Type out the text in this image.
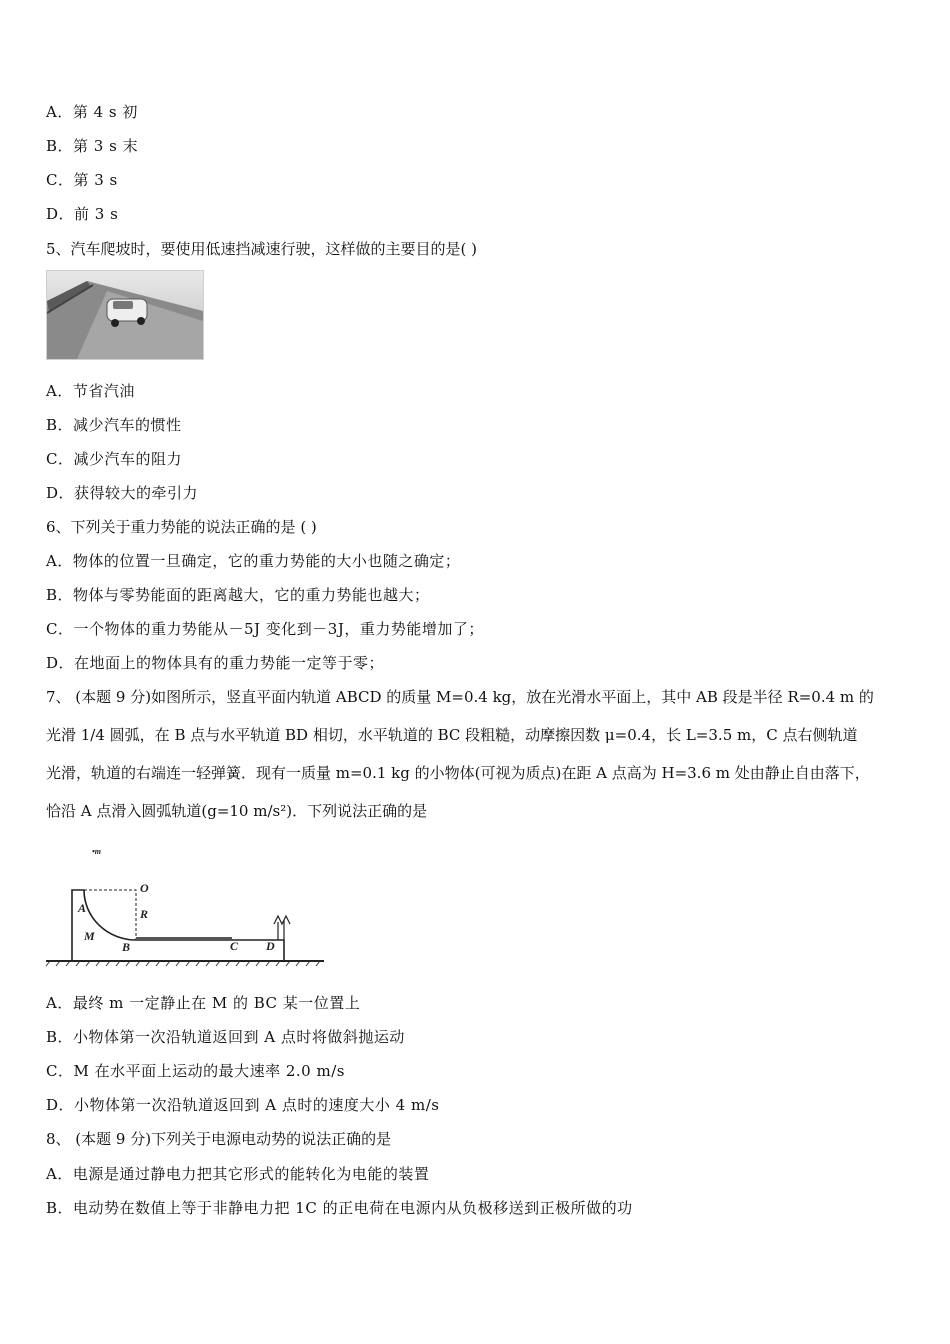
A．第 4 s 初
B．第 3 s 末
C．第 3 s
D．前 3 s
5、汽车爬坡时，要使用低速挡减速行驶，这样做的主要目的是( )
A．节省汽油
B．减少汽车的惯性
C．减少汽车的阻力
D．获得较大的牵引力
6、下列关于重力势能的说法正确的是 ( )
A．物体的位置一旦确定，它的重力势能的大小也随之确定；
B．物体与零势能面的距离越大，它的重力势能也越大；
C．一个物体的重力势能从－5J 变化到－3J，重力势能增加了；
D．在地面上的物体具有的重力势能一定等于零；
7、 (本题 9 分)如图所示，竖直平面内轨道 ABCD 的质量 M=0.4 kg，放在光滑水平面上，其中 AB 段是半径 R=0.4 m 的
光滑 1/4 圆弧，在 B 点与水平轨道 BD 相切，水平轨道的 BC 段粗糙，动摩擦因数 μ=0.4，长 L=3.5 m，C 点右侧轨道
光滑，轨道的右端连一轻弹簧．现有一质量 m=0.1 kg 的小物体(可视为质点)在距 A 点高为 H=3.6 m 处由静止自由落下，
恰沿 A 点滑入圆弧轨道(g=10 m/s²)．下列说法正确的是
•m
A
O
R
M
B	C D
A．最终 m 一定静止在 M 的 BC 某一位置上
B．小物体第一次沿轨道返回到 A 点时将做斜抛运动
C．M 在水平面上运动的最大速率 2.0 m/s
D．小物体第一次沿轨道返回到 A 点时的速度大小 4 m/s
8、 (本题 9 分)下列关于电源电动势的说法正确的是
A．电源是通过静电力把其它形式的能转化为电能的装置
B．电动势在数值上等于非静电力把 1C 的正电荷在电源内从负极移送到正极所做的功
